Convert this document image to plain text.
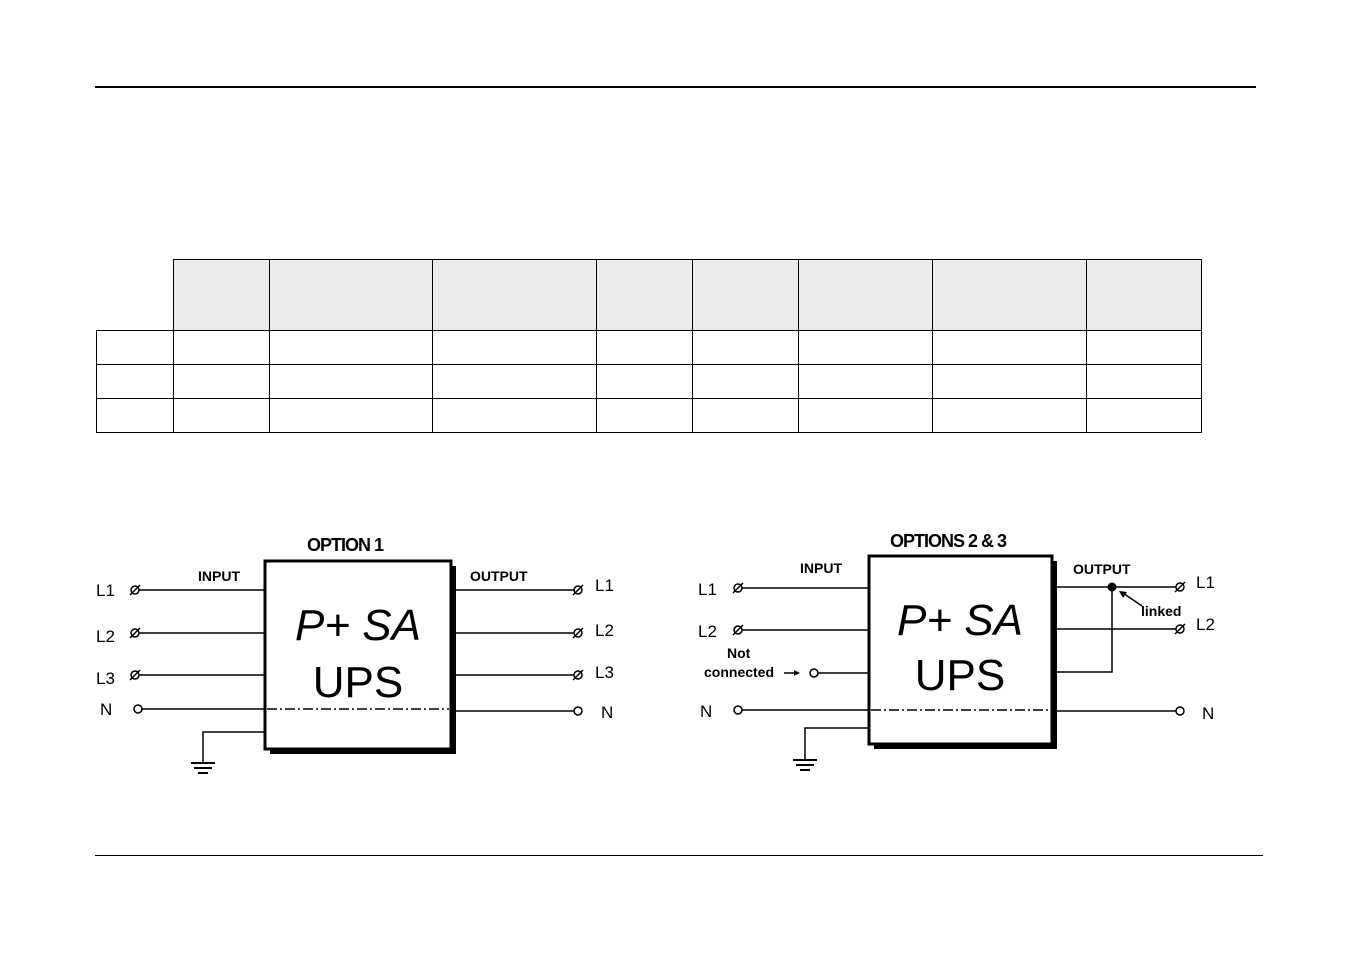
OPTION 1
P+ SA
UPS
INPUT	OUTPUT
L1
L2
L3
N
L1
L2
L3
N
OPTIONS 2 & 3
P+ SA
UPS
INPUT	OUTPUT
L1
L2
N
Not
connected
L1
L2
N
linked
